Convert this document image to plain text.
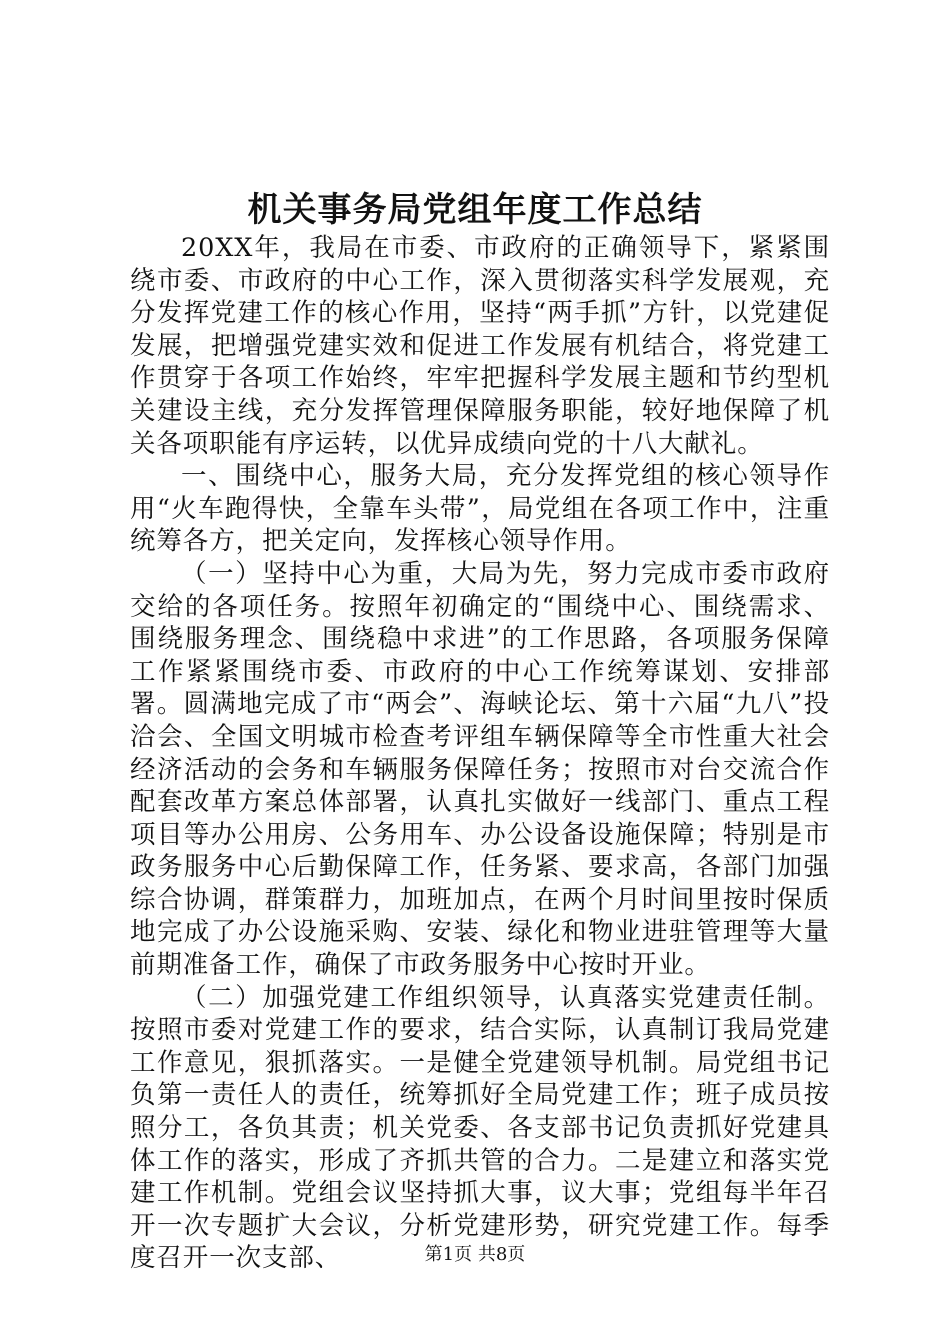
机关事务局党组年度工作总结

20XX年，我局在市委、市政府的正确领导下，紧紧围绕市委、市政府的中心工作，深入贯彻落实科学发展观，充分发挥党建工作的核心作用，坚持“两手抓”方针，以党建促发展，把增强党建实效和促进工作发展有机结合，将党建工作贯穿于各项工作始终，牢牢把握科学发展主题和节约型机关建设主线，充分发挥管理保障服务职能，较好地保障了机关各项职能有序运转，以优异成绩向党的十八大献礼。

一、围绕中心，服务大局，充分发挥党组的核心领导作用“火车跑得快，全靠车头带”，局党组在各项工作中，注重统筹各方，把关定向，发挥核心领导作用。

（一）坚持中心为重，大局为先，努力完成市委市政府交给的各项任务。按照年初确定的“围绕中心、围绕需求、围绕服务理念、围绕稳中求进”的工作思路，各项服务保障工作紧紧围绕市委、市政府的中心工作统筹谋划、安排部署。圆满地完成了市“两会”、海峡论坛、第十六届“九八”投洽会、全国文明城市检查考评组车辆保障等全市性重大社会经济活动的会务和车辆服务保障任务；按照市对台交流合作配套改革方案总体部署，认真扎实做好一线部门、重点工程项目等办公用房、公务用车、办公设备设施保障；特别是市政务服务中心后勤保障工作，任务紧、要求高，各部门加强综合协调，群策群力，加班加点，在两个月时间里按时保质地完成了办公设施采购、安装、绿化和物业进驻管理等大量前期准备工作，确保了市政务服务中心按时开业。

（二）加强党建工作组织领导，认真落实党建责任制。按照市委对党建工作的要求，结合实际，认真制订我局党建工作意见，狠抓落实。一是健全党建领导机制。局党组书记负第一责任人的责任，统筹抓好全局党建工作；班子成员按照分工，各负其责；机关党委、各支部书记负责抓好党建具体工作的落实，形成了齐抓共管的合力。二是建立和落实党建工作机制。党组会议坚持抓大事，议大事；党组每半年召开一次专题扩大会议，分析党建形势，研究党建工作。每季度召开一次支部、	第1页 共8页
